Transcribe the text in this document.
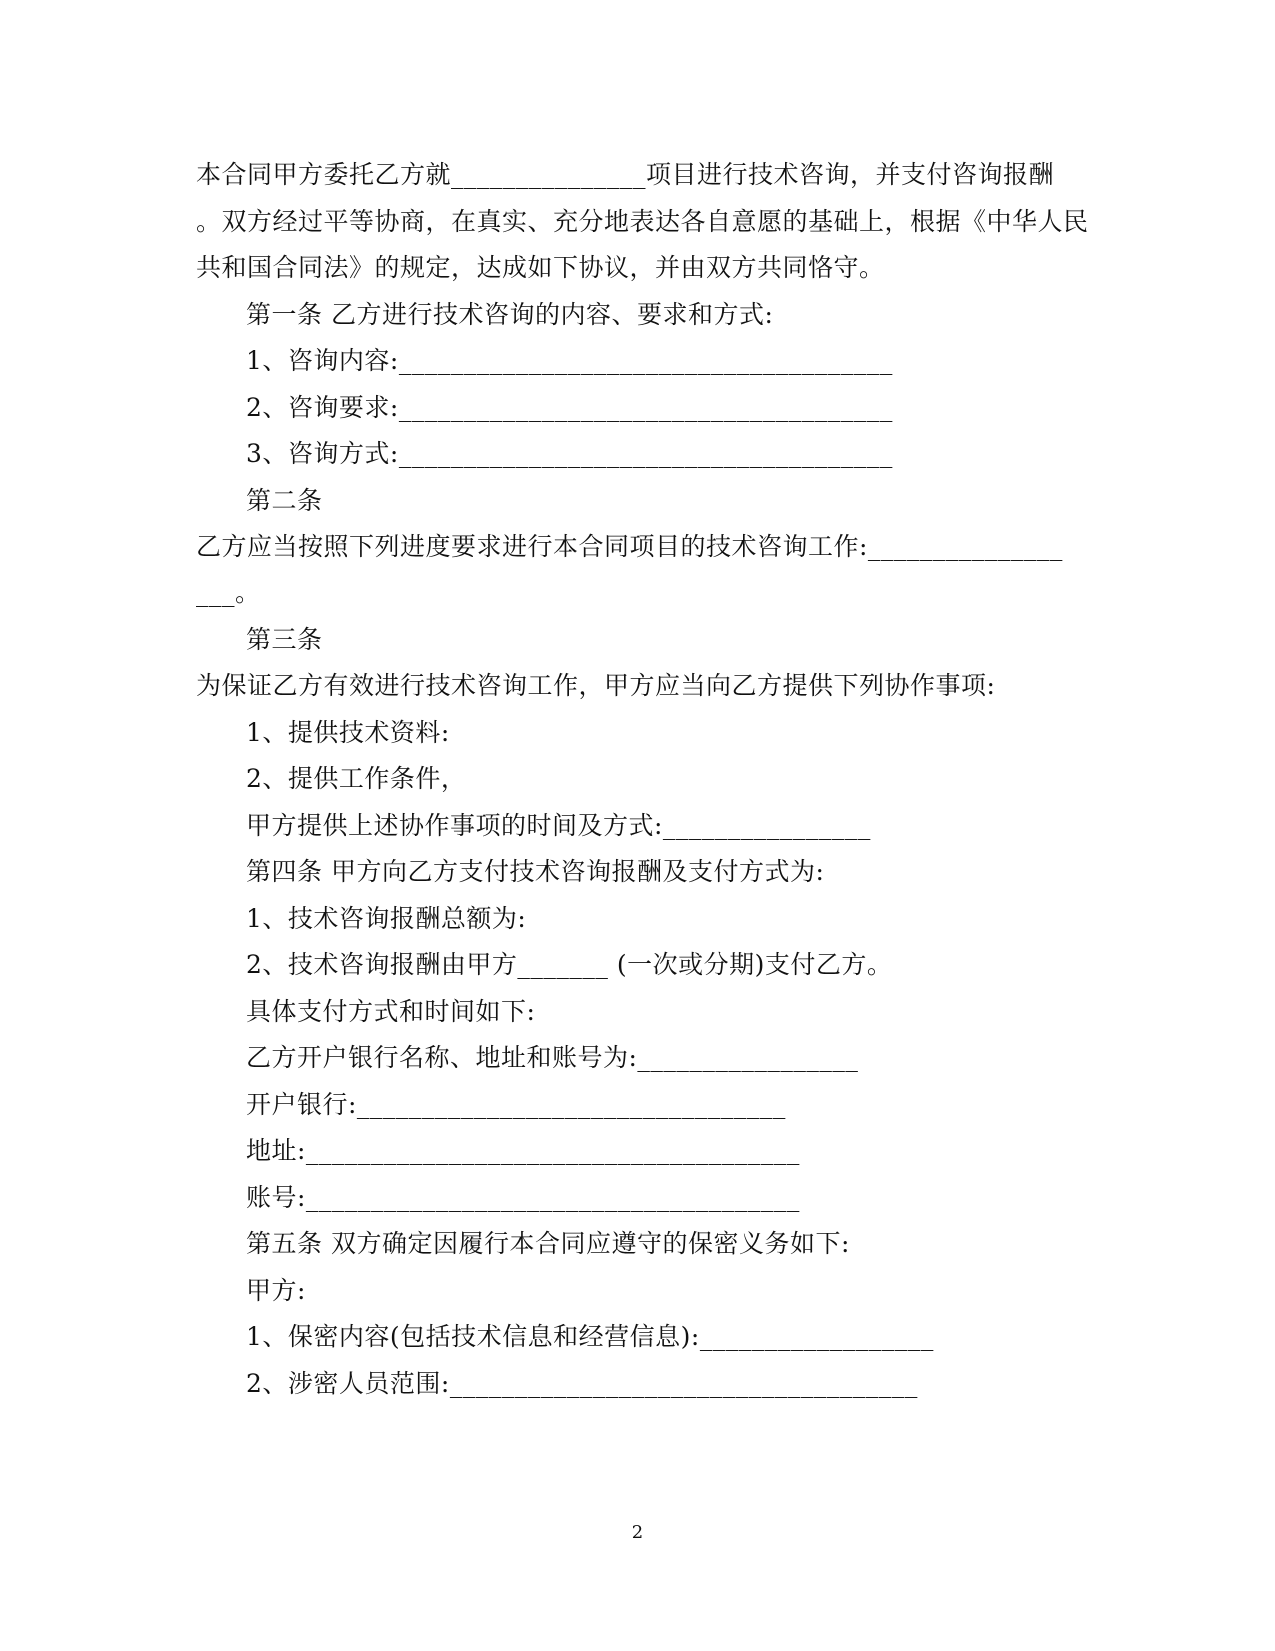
本合同甲方委托乙方就_______________项目进行技术咨询，并支付咨询报酬
。双方经过平等协商，在真实、充分地表达各自意愿的基础上，根据《中华人民
共和国合同法》的规定，达成如下协议，并由双方共同恪守。
第一条 乙方进行技术咨询的内容、要求和方式:
1、咨询内容:______________________________________
2、咨询要求:______________________________________
3、咨询方式:______________________________________
第二条
乙方应当按照下列进度要求进行本合同项目的技术咨询工作:_______________
___。
第三条
为保证乙方有效进行技术咨询工作，甲方应当向乙方提供下列协作事项:
1、提供技术资料:
2、提供工作条件，
甲方提供上述协作事项的时间及方式:________________
第四条 甲方向乙方支付技术咨询报酬及支付方式为:
1、技术咨询报酬总额为:
2、技术咨询报酬由甲方_______ (一次或分期)支付乙方。
具体支付方式和时间如下:
乙方开户银行名称、地址和账号为:_________________
开户银行:_________________________________
地址:______________________________________
账号:______________________________________
第五条 双方确定因履行本合同应遵守的保密义务如下:
甲方:
1、保密内容(包括技术信息和经营信息):__________________
2、涉密人员范围:____________________________________
2
